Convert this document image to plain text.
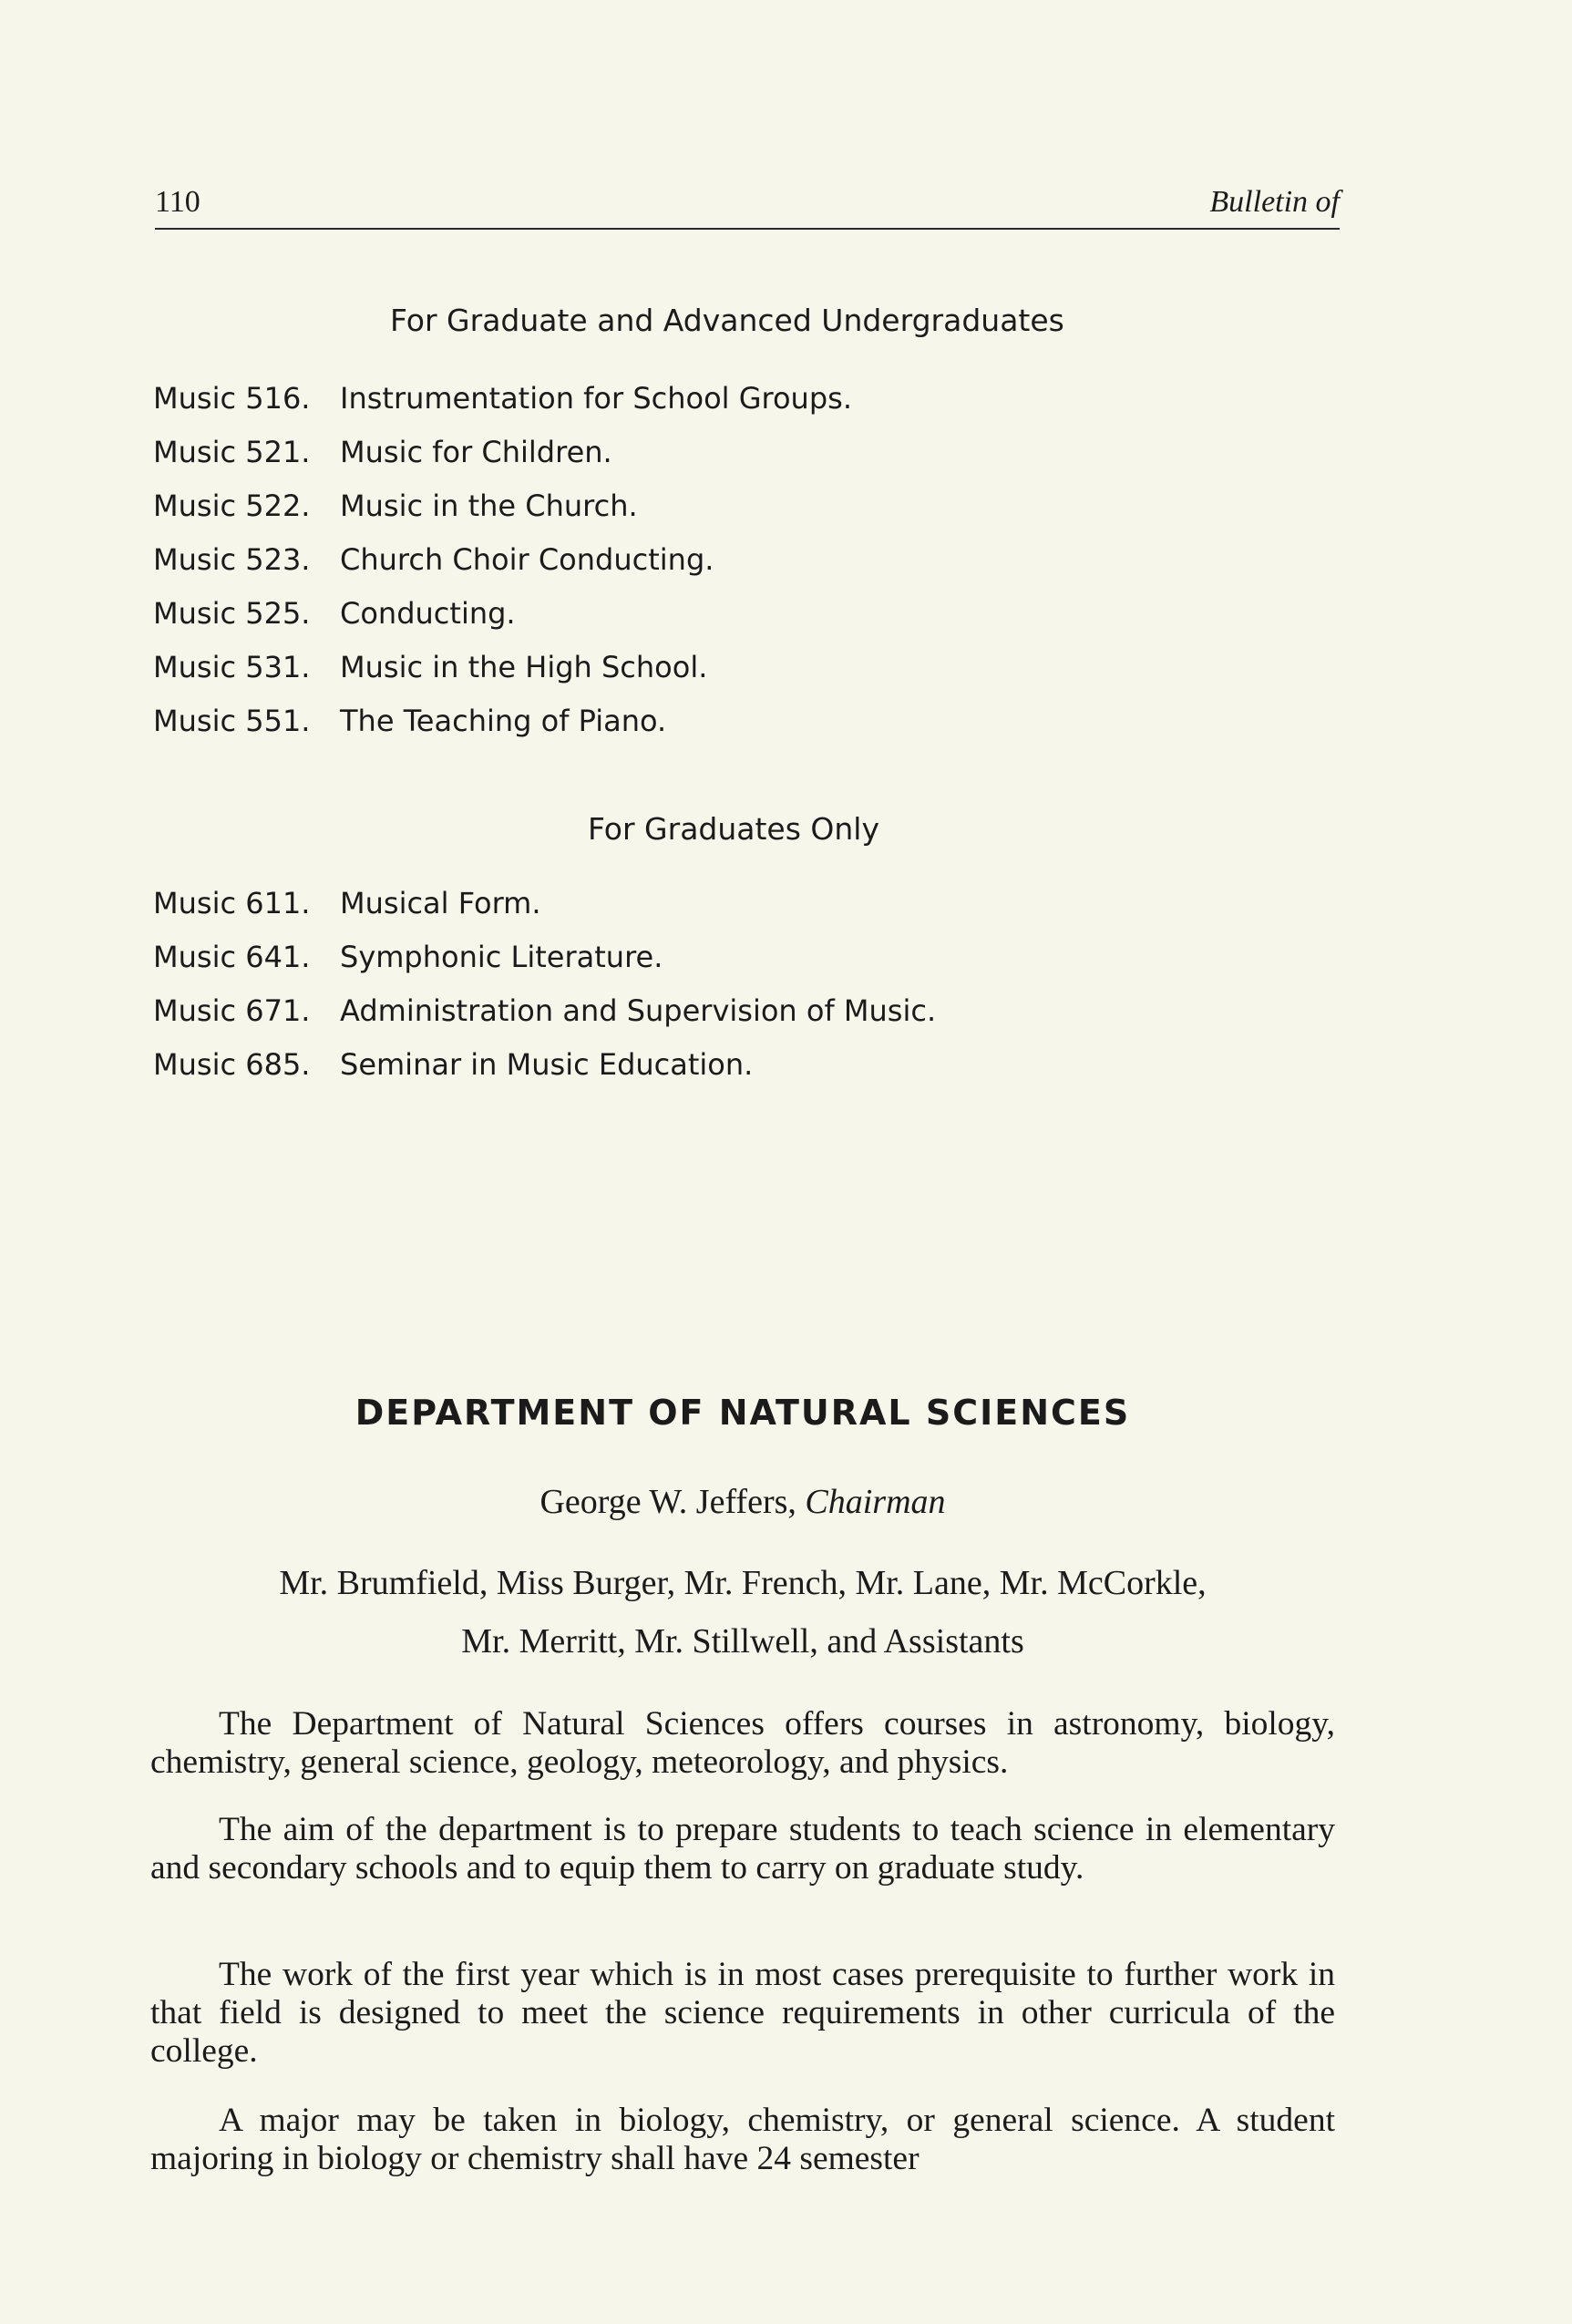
110	Bulletin of
For Graduate and Advanced Undergraduates
Music 516. Instrumentation for School Groups.
Music 521. Music for Children.
Music 522. Music in the Church.
Music 523. Church Choir Conducting.
Music 525. Conducting.
Music 531. Music in the High School.
Music 551. The Teaching of Piano.
For Graduates Only
Music 611. Musical Form.
Music 641. Symphonic Literature.
Music 671. Administration and Supervision of Music.
Music 685. Seminar in Music Education.
DEPARTMENT OF NATURAL SCIENCES
George W. Jeffers, Chairman
Mr. Brumfield, Miss Burger, Mr. French, Mr. Lane, Mr. McCorkle,
Mr. Merritt, Mr. Stillwell, and Assistants

The Department of Natural Sciences offers courses in astronomy, biology, chemistry, general science, geology, meteorology, and physics.

The aim of the department is to prepare students to teach science in elementary and secondary schools and to equip them to carry on graduate study.

The work of the first year which is in most cases prerequisite to further work in that field is designed to meet the science requirements in other curricula of the college.

A major may be taken in biology, chemistry, or general science. A student majoring in biology or chemistry shall have 24 semester
